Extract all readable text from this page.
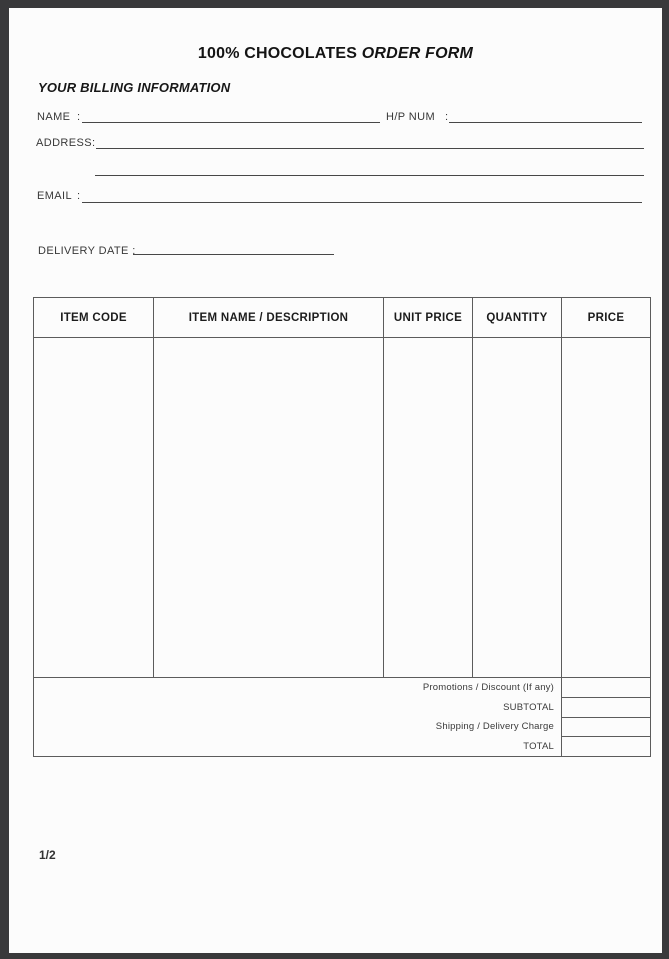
100% CHOCOLATES ORDER FORM
YOUR BILLING INFORMATION
NAME :	H/P NUM :
ADDRESS:
EMAIL :
DELIVERY DATE :
ITEM CODE	ITEM NAME / DESCRIPTION	UNIT PRICE	QUANTITY	PRICE
Promotions / Discount (If any)
SUBTOTAL
Shipping / Delivery Charge
TOTAL
1/2
